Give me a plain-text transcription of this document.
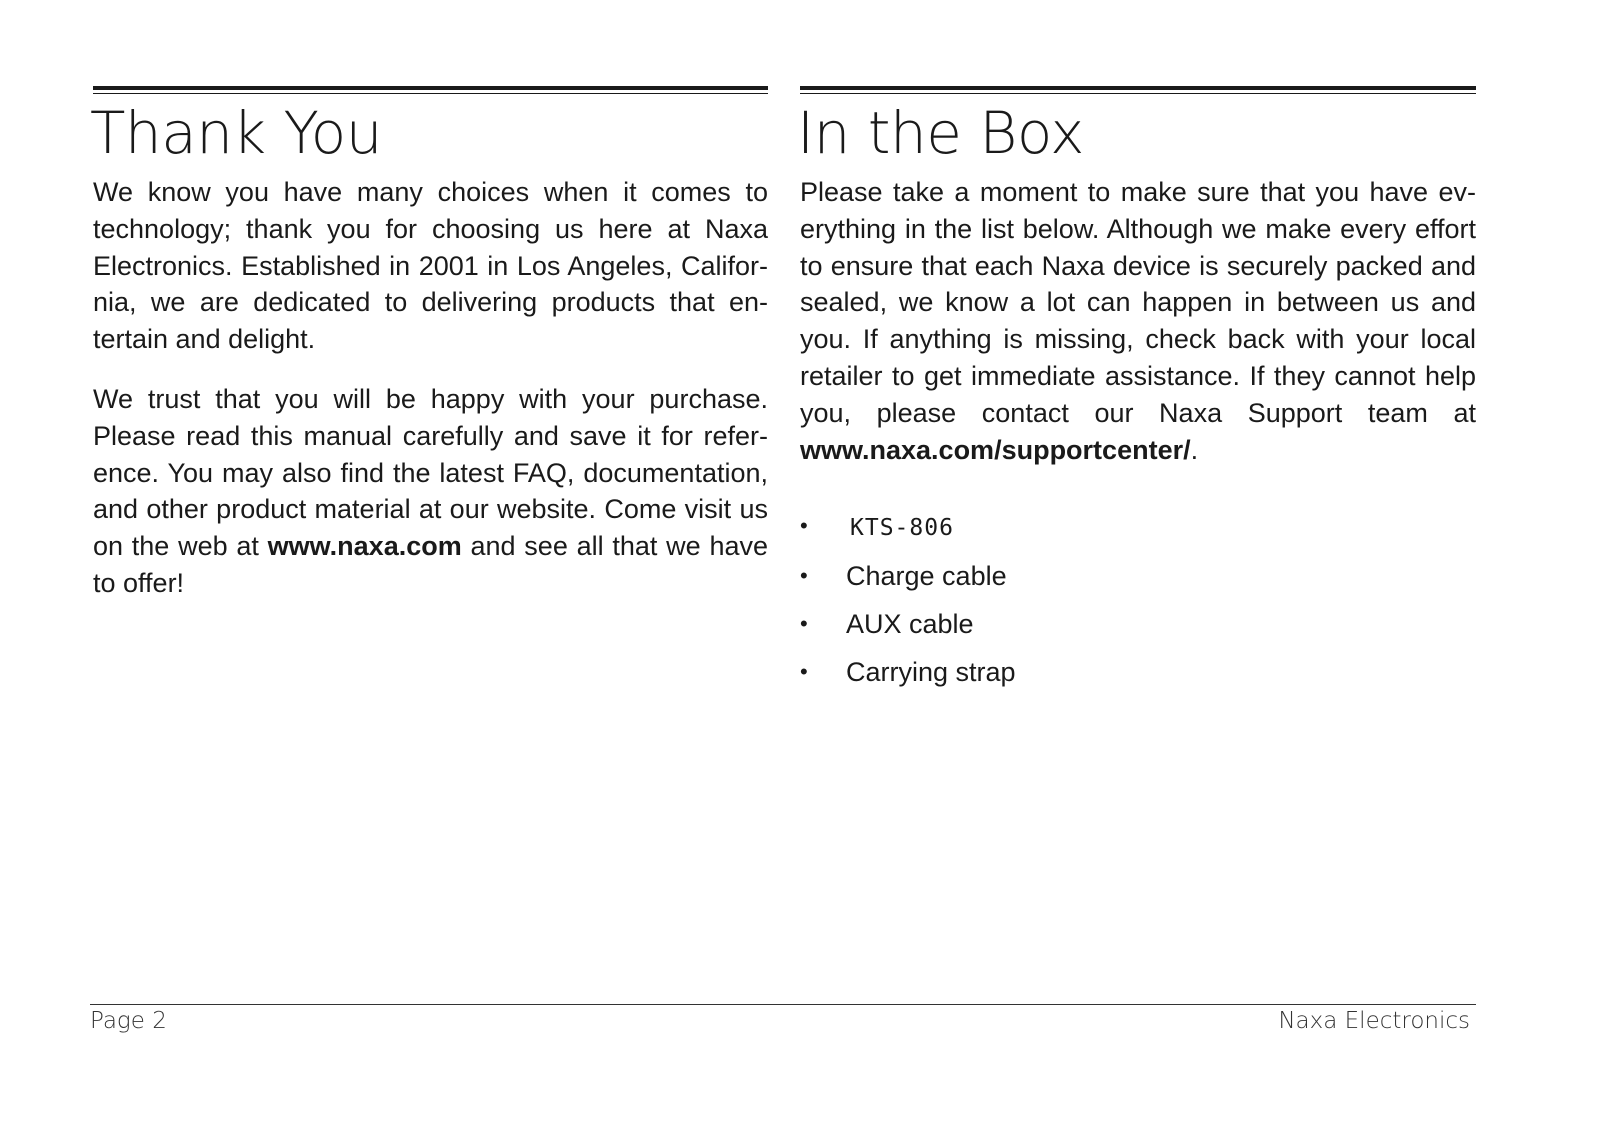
Thank You

We know you have many choices when it comes to technology; thank you for choosing us here at Naxa Electronics. Established in 2001 in Los Angeles, California, we are dedicated to delivering products that entertain and delight.

We trust that you will be happy with your purchase. Please read this manual carefully and save it for reference. You may also find the latest FAQ, documentation, and other product material at our website. Come visit us on the web at www.naxa.com and see all that we have to offer!

In the Box

Please take a moment to make sure that you have everything in the list below. Although we make every effort to ensure that each Naxa device is securely packed and sealed, we know a lot can happen in between us and you. If anything is missing, check back with your local retailer to get immediate assistance. If they cannot help you, please contact our Naxa Support team at www.naxa.com/supportcenter/.

• KTS-806
• Charge cable
• AUX cable
• Carrying strap
Page 2	Naxa Electronics
